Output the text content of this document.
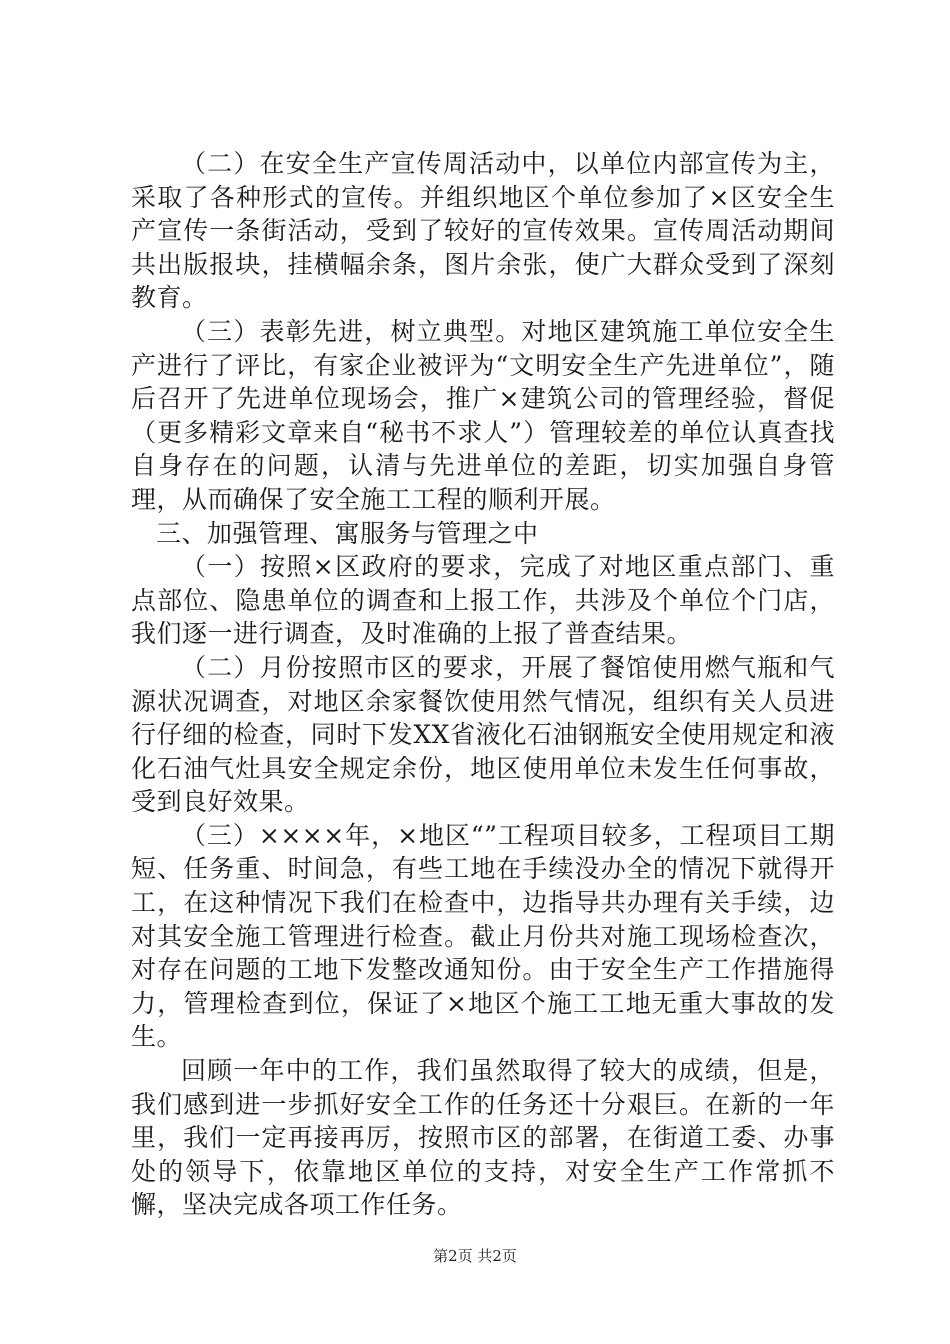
（二）在安全生产宣传周活动中，以单位内部宣传为主，采取了各种形式的宣传。并组织地区个单位参加了×区安全生产宣传一条街活动，受到了较好的宣传效果。宣传周活动期间共出版报块，挂横幅余条，图片余张，使广大群众受到了深刻教育。

（三）表彰先进，树立典型。对地区建筑施工单位安全生产进行了评比，有家企业被评为“文明安全生产先进单位”，随后召开了先进单位现场会，推广×建筑公司的管理经验，督促（更多精彩文章来自“秘书不求人”）管理较差的单位认真查找自身存在的问题，认清与先进单位的差距，切实加强自身管理，从而确保了安全施工工程的顺利开展。

三、加强管理、寓服务与管理之中

（一）按照×区政府的要求，完成了对地区重点部门、重点部位、隐患单位的调查和上报工作，共涉及个单位个门店，我们逐一进行调查，及时准确的上报了普查结果。

（二）月份按照市区的要求，开展了餐馆使用燃气瓶和气源状况调查，对地区余家餐饮使用然气情况，组织有关人员进行仔细的检查，同时下发XX省液化石油钢瓶安全使用规定和液化石油气灶具安全规定余份，地区使用单位未发生任何事故，受到良好效果。

（三）××××年，×地区“”工程项目较多，工程项目工期短、任务重、时间急，有些工地在手续没办全的情况下就得开工，在这种情况下我们在检查中，边指导共办理有关手续，边对其安全施工管理进行检查。截止月份共对施工现场检查次，对存在问题的工地下发整改通知份。由于安全生产工作措施得力，管理检查到位，保证了×地区个施工工地无重大事故的发生。

回顾一年中的工作，我们虽然取得了较大的成绩，但是，我们感到进一步抓好安全工作的任务还十分艰巨。在新的一年里，我们一定再接再厉，按照市区的部署，在街道工委、办事处的领导下，依靠地区单位的支持，对安全生产工作常抓不懈，坚决完成各项工作任务。

第2页 共2页
